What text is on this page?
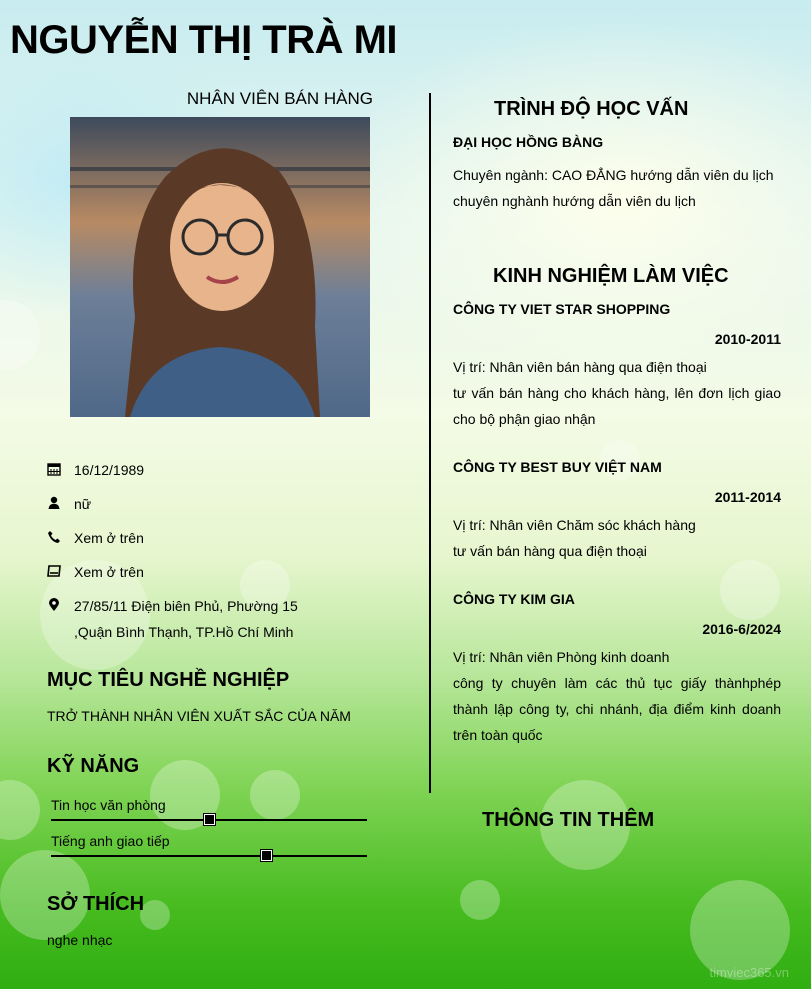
NGUYỄN THỊ TRÀ MI
NHÂN VIÊN BÁN HÀNG
16/12/1989
nữ
Xem ở trên
Xem ở trên
27/85/11 Điện biên Phủ, Phường 15
,Quận Bình Thạnh, TP.Hồ Chí Minh
MỤC TIÊU NGHỀ NGHIỆP
TRỞ THÀNH NHÂN VIÊN XUẤT SẮC CỦA NĂM
KỸ NĂNG
Tin học văn phòng
Tiếng anh giao tiếp
SỞ THÍCH
nghe nhạc
TRÌNH ĐỘ HỌC VẤN
ĐẠI HỌC HỒNG BÀNG
Chuyên ngành: CAO ĐẲNG hướng dẫn viên du lịch
chuyên nghành hướng dẫn viên du lịch
KINH NGHIỆM LÀM VIỆC
CÔNG TY VIET STAR SHOPPING
2010-2011
Vị trí: Nhân viên bán hàng qua điện thoại
tư vấn bán hàng cho khách hàng, lên đơn lịch giao cho bộ phận giao nhận
CÔNG TY BEST BUY VIỆT NAM
2011-2014
Vị trí: Nhân viên Chăm sóc khách hàng
tư vấn bán hàng qua điện thoại
CÔNG TY KIM GIA
2016-6/2024
Vị trí: Nhân viên Phòng kinh doanh
công ty chuyên làm các thủ tục giấy thànhphép thành lập công ty, chi nhánh, địa điểm kinh doanh trên toàn quốc
THÔNG TIN THÊM
timviec365.vn
